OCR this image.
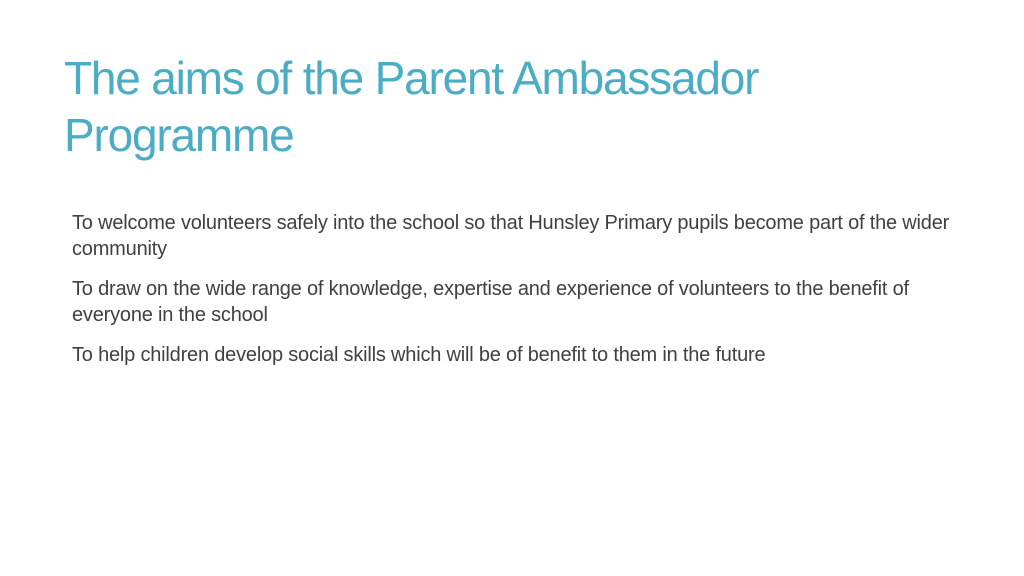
The aims of the Parent Ambassador Programme
To welcome volunteers safely into the school so that Hunsley Primary pupils become part of the wider community
To draw on the wide range of knowledge, expertise and experience of volunteers to the benefit of everyone in the school
To help children develop social skills which will be of benefit to them in the future
